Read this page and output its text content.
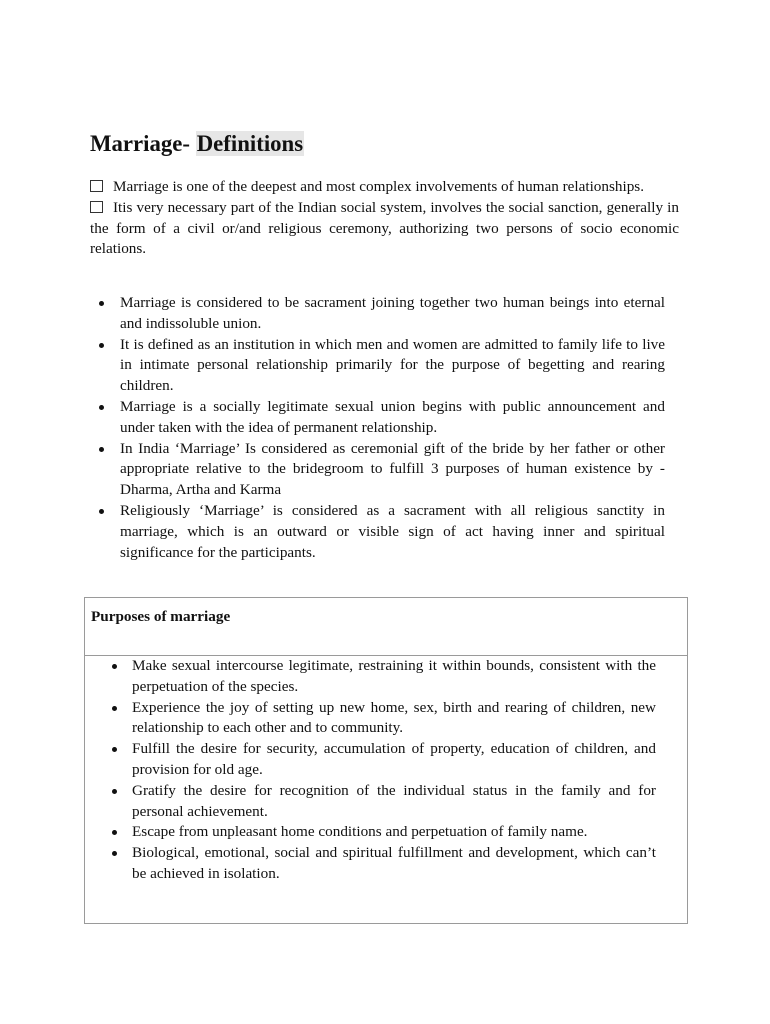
Marriage- Definitions

Marriage is one of the deepest and most complex involvements of human relationships.

Itis very necessary part of the Indian social system, involves the social sanction, generally in the form of a civil or/and religious ceremony, authorizing two persons of socio economic relations.

Marriage is considered to be sacrament joining together two human beings into eternal and indissoluble union.
It is defined as an institution in which men and women are admitted to family life to live in intimate personal relationship primarily for the purpose of begetting and rearing children.
Marriage is a socially legitimate sexual union begins with public announcement and under taken with the idea of permanent relationship.
In India ‘Marriage’ Is considered as ceremonial gift of the bride by her father or other appropriate relative to the bridegroom to fulfill 3 purposes of human existence by - Dharma, Artha and Karma
Religiously ‘Marriage’ is considered as a sacrament with all religious sanctity in marriage, which is an outward or visible sign of act having inner and spiritual significance for the participants.
Purposes of marriage
Make sexual intercourse legitimate, restraining it within bounds, consistent with the perpetuation of the species.
Experience the joy of setting up new home, sex, birth and rearing of children, new relationship to each other and to community.
Fulfill the desire for security, accumulation of property, education of children, and provision for old age.
Gratify the desire for recognition of the individual status in the family and for personal achievement.
Escape from unpleasant home conditions and perpetuation of family name.
Biological, emotional, social and spiritual fulfillment and development, which can’t be achieved in isolation.
